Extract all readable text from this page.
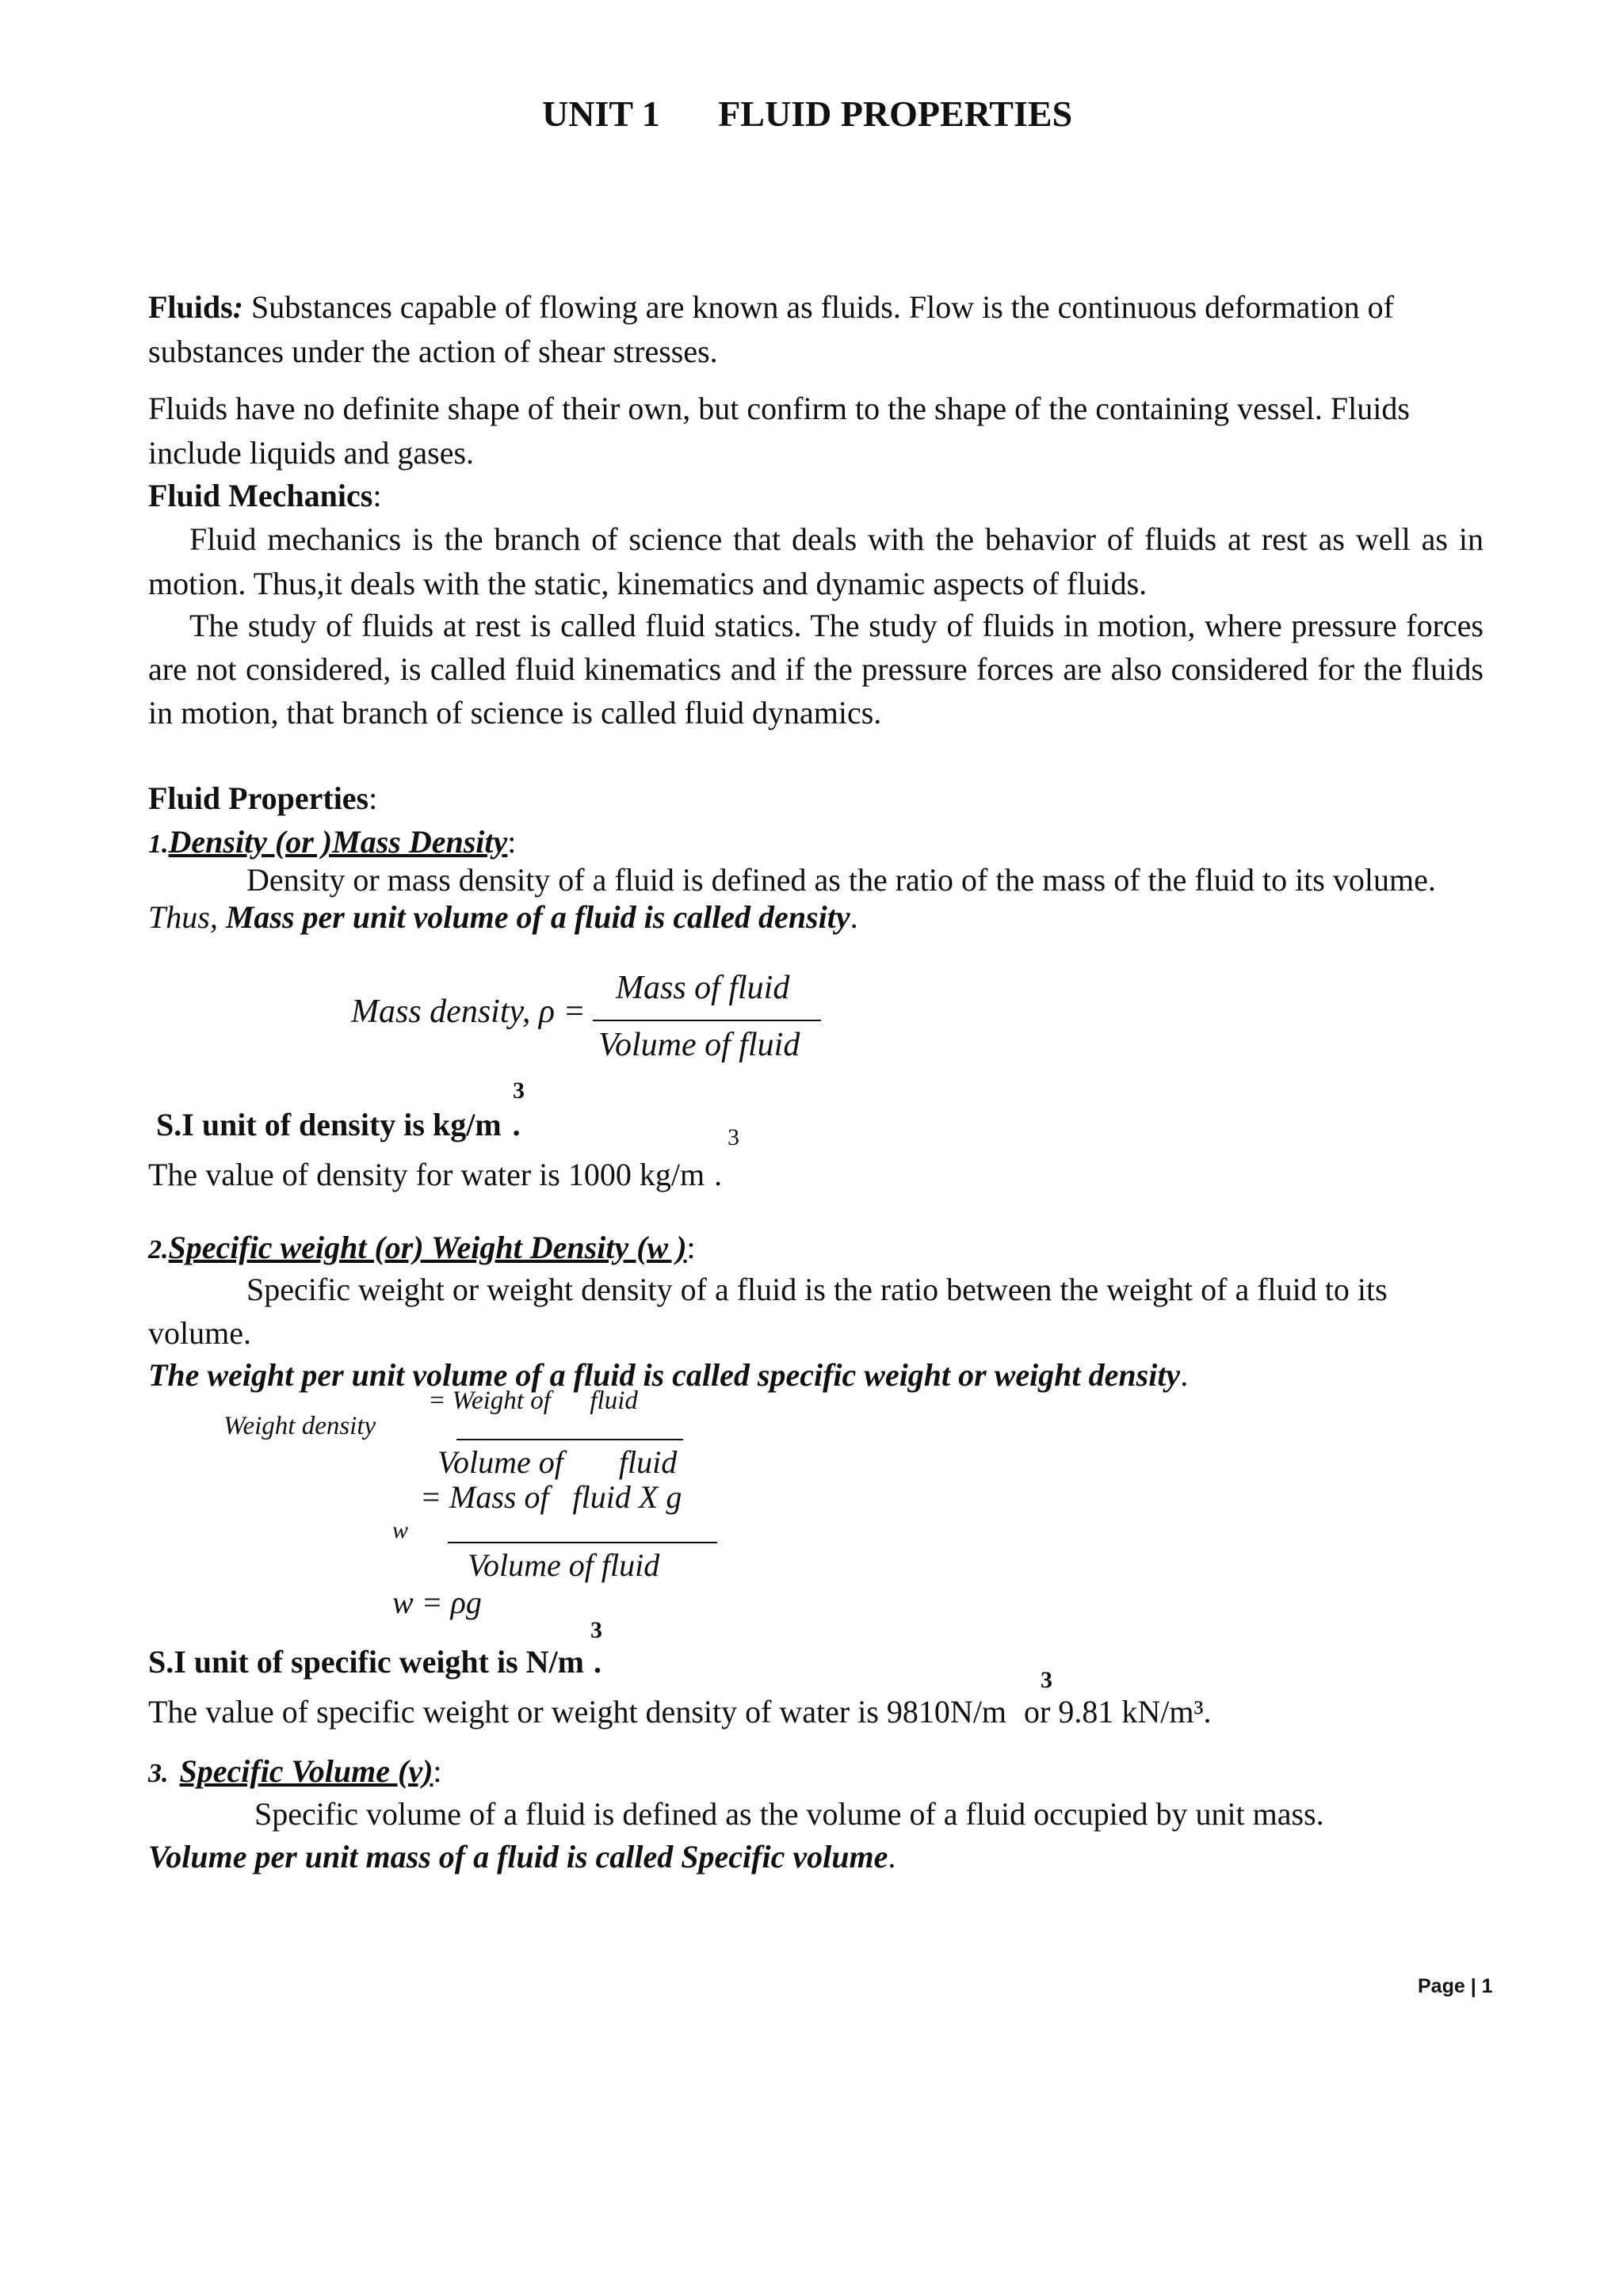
UNIT 1 FLUID PROPERTIES

Fluids: Substances capable of flowing are known as fluids. Flow is the continuous deformation of substances under the action of shear stresses.

Fluids have no definite shape of their own, but confirm to the shape of the containing vessel. Fluids include liquids and gases.

Fluid Mechanics:

Fluid mechanics is the branch of science that deals with the behavior of fluids at rest as well as in motion. Thus,it deals with the static, kinematics and dynamic aspects of fluids.

The study of fluids at rest is called fluid statics. The study of fluids in motion, where pressure forces are not considered, is called fluid kinematics and if the pressure forces are also considered for the fluids in motion, that branch of science is called fluid dynamics.

Fluid Properties:
1.Density (or )Mass Density:

Density or mass density of a fluid is defined as the ratio of the mass of the fluid to its volume.

Thus, Mass per unit volume of a fluid is called density.
Mass density, ρ =
Mass of fluid
Volume of fluid
3
S.I unit of density is kg/m .	3
The value of density for water is 1000 kg/m .
2.Specific weight (or) Weight Density (w ):

Specific weight or weight density of a fluid is the ratio between the weight of a fluid to its volume.

The weight per unit volume of a fluid is called specific weight or weight density.
= Weight of      fluid
Weight density
Volume of       fluid
= Mass of   fluid X g
w
Volume of fluid
w = ρg
3
S.I unit of specific weight is N/m .
3
The value of specific weight or weight density of water is 9810N/m or 9.81 kN/m³.
3. Specific Volume (v):

Specific volume of a fluid is defined as the volume of a fluid occupied by unit mass.

Volume per unit mass of a fluid is called Specific volume.
Page | 1
